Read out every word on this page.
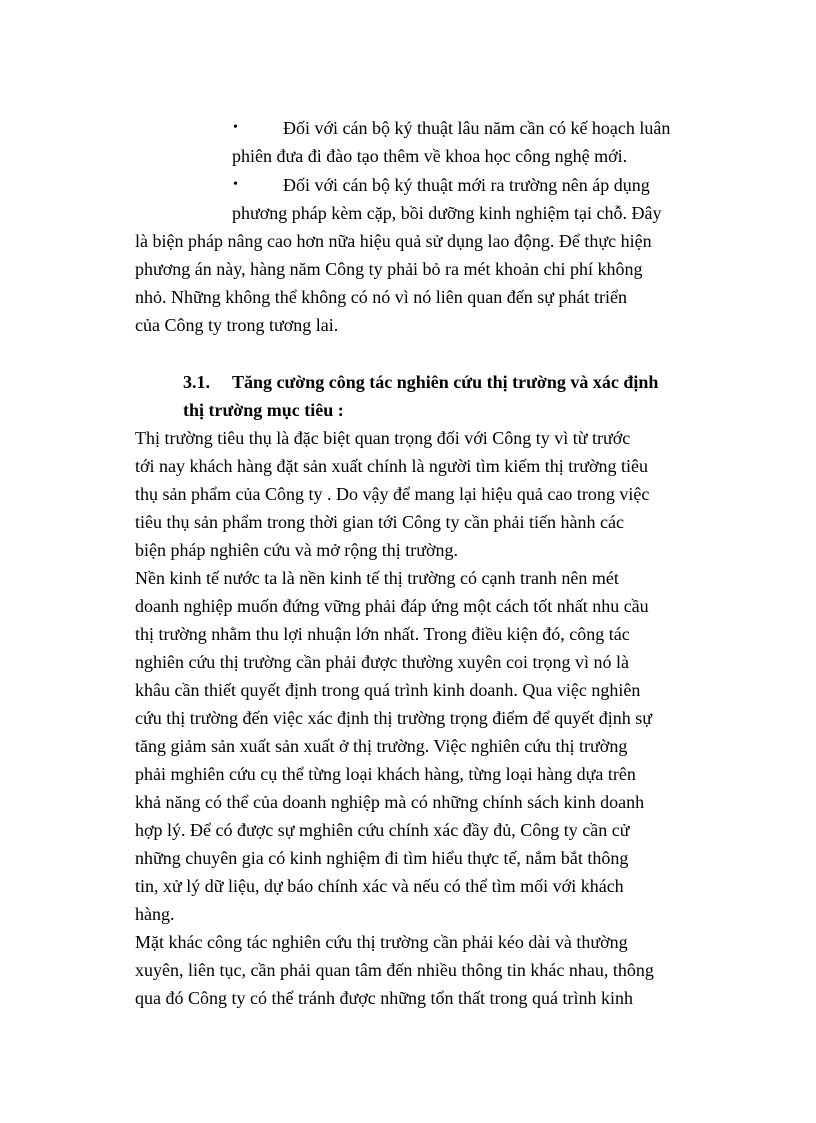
•	Đối với cán bộ ký thuật lâu năm cần có kế hoạch luân
phiên đưa đi đào tạo thêm về khoa học công nghệ mới.
•	Đối với cán bộ ký thuật mới ra trường nên áp dụng
phương pháp kèm cặp, bồi dưỡng kinh nghiệm tại chỗ. Đây
là biện pháp nâng cao hơn nữa hiệu quả sử dụng lao động. Để thực hiện
phương án này, hàng năm Công ty phải bỏ ra mét khoản chi phí không
nhỏ. Những không thể không có nó vì nó liên quan đến sự phát triển
của Công ty trong tương lai.
3.1. Tăng cường công tác nghiên cứu thị trường và xác định
thị trường mục tiêu :
Thị trường tiêu thụ là đặc biệt quan trọng đối với Công ty vì từ trước
tới nay khách hàng đặt sản xuất chính là người tìm kiếm thị trường tiêu
thụ sản phẩm của Công ty . Do vậy để mang lại hiệu quả cao trong việc
tiêu thụ sản phẩm trong thời gian tới Công ty cần phải tiến hành các
biện pháp nghiên cứu và mở rộng thị trường.
Nền kinh tế nước ta là nền kinh tế thị trường có cạnh tranh nên mét
doanh nghiệp muốn đứng vững phải đáp ứng một cách tốt nhất nhu cầu
thị trường nhằm thu lợi nhuận lớn nhất. Trong điều kiện đó, công tác
nghiên cứu thị trường cần phải được thường xuyên coi trọng vì nó là
khâu cần thiết quyết định trong quá trình kinh doanh. Qua việc nghiên
cứu thị trường đến việc xác định thị trường trọng điểm để quyết định sự
tăng giảm sản xuất sản xuất ở thị trường. Việc nghiên cứu thị trường
phải mghiên cứu cụ thể từng loại khách hàng, từng loại hàng dựa trên
khả năng có thể của doanh nghiệp mà có những chính sách kinh doanh
hợp lý. Để có được sự mghiên cứu chính xác đầy đủ, Công ty cần cử
những chuyên gia có kinh nghiệm đi tìm hiểu thực tế, nắm bắt thông
tin, xử lý dữ liệu, dự báo chính xác và nếu có thể tìm mối với khách
hàng.
Mặt khác công tác nghiên cứu thị trường cần phải kéo dài và thường
xuyên, liên tục, cần phải quan tâm đến nhiều thông tin khác nhau, thông
qua đó Công ty có thể tránh được những tổn thất trong quá trình kinh
